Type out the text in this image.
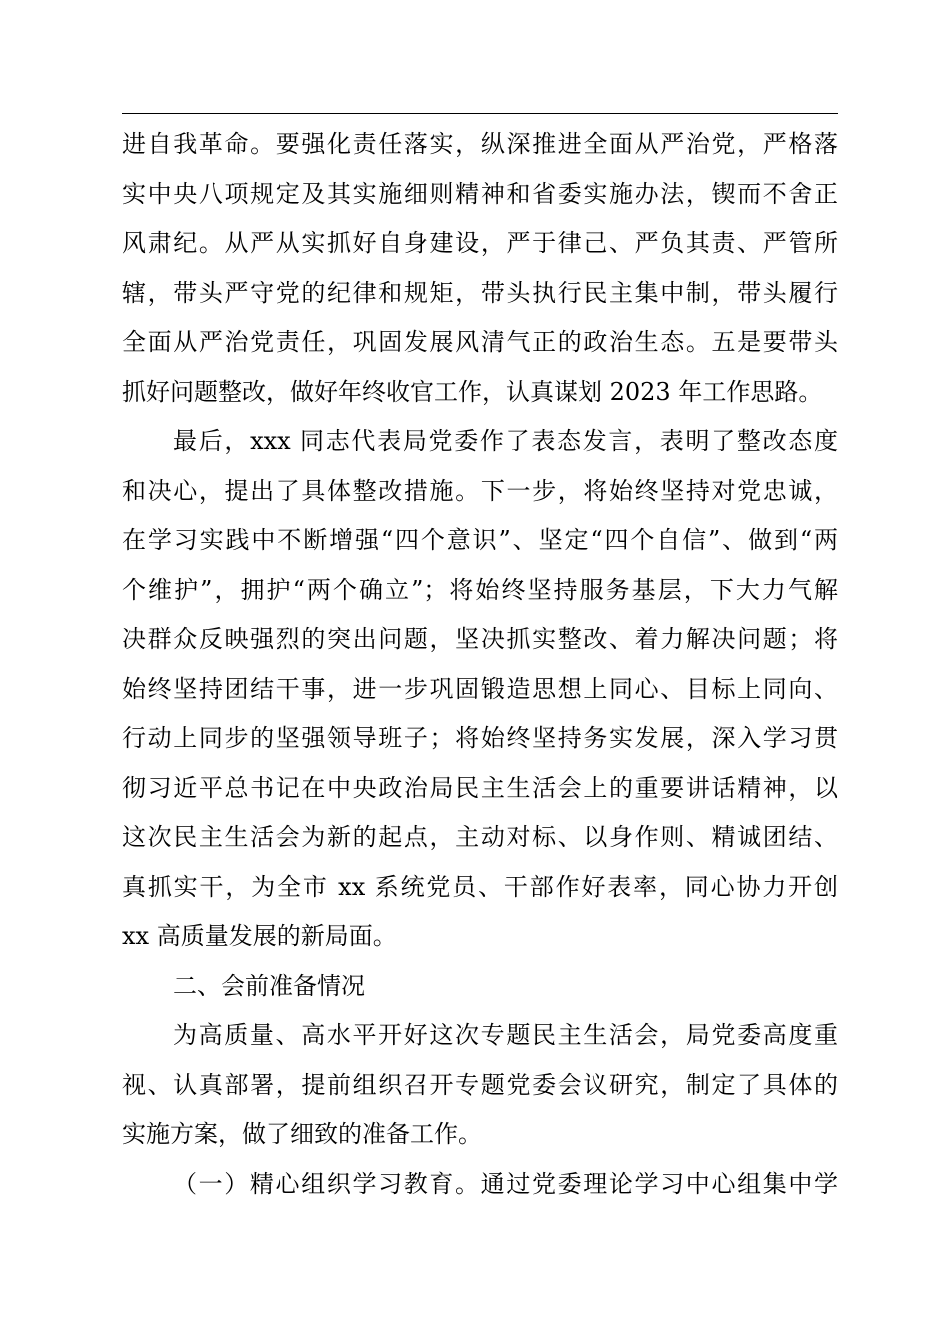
进自我革命。要强化责任落实，纵深推进全面从严治党，严格落
实中央八项规定及其实施细则精神和省委实施办法，锲而不舍正
风肃纪。从严从实抓好自身建设，严于律己、严负其责、严管所
辖，带头严守党的纪律和规矩，带头执行民主集中制，带头履行
全面从严治党责任，巩固发展风清气正的政治生态。五是要带头
抓好问题整改，做好年终收官工作，认真谋划 2023 年工作思路。
最后，xxx 同志代表局党委作了表态发言，表明了整改态度
和决心，提出了具体整改措施。下一步，将始终坚持对党忠诚，
在学习实践中不断增强“四个意识”、坚定“四个自信”、做到“两
个维护”，拥护“两个确立”；将始终坚持服务基层，下大力气解
决群众反映强烈的突出问题，坚决抓实整改、着力解决问题；将
始终坚持团结干事，进一步巩固锻造思想上同心、目标上同向、
行动上同步的坚强领导班子；将始终坚持务实发展，深入学习贯
彻习近平总书记在中央政治局民主生活会上的重要讲话精神，以
这次民主生活会为新的起点，主动对标、以身作则、精诚团结、
真抓实干，为全市 xx 系统党员、干部作好表率，同心协力开创
xx 高质量发展的新局面。
二、会前准备情况
为高质量、高水平开好这次专题民主生活会，局党委高度重
视、认真部署，提前组织召开专题党委会议研究，制定了具体的
实施方案，做了细致的准备工作。
（一）精心组织学习教育。通过党委理论学习中心组集中学
